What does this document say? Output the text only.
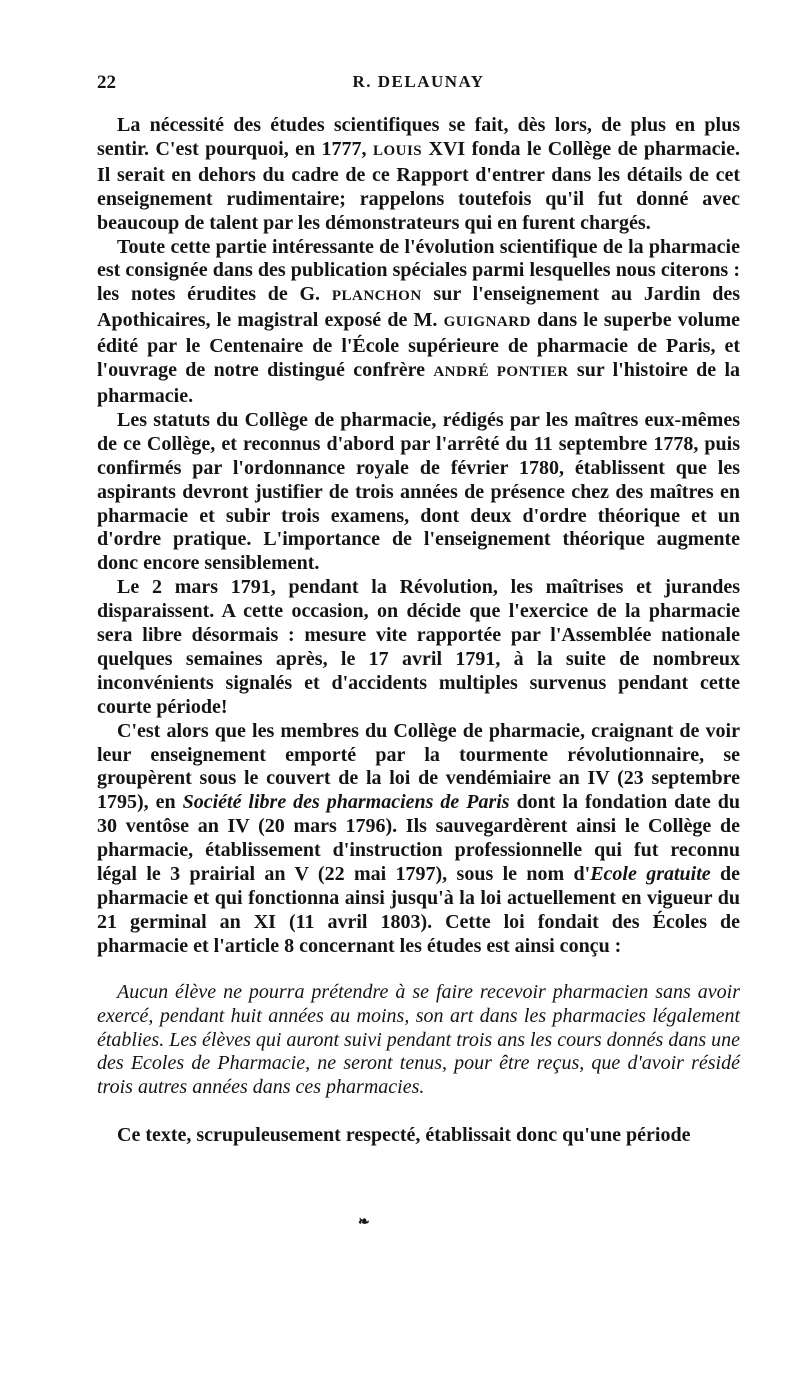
22	R. DELAUNAY

La nécessité des études scientifiques se fait, dès lors, de plus en plus sentir. C'est pourquoi, en 1777, LOUIS XVI fonda le Collège de pharmacie. Il serait en dehors du cadre de ce Rapport d'entrer dans les détails de cet enseignement rudimentaire; rappelons toutefois qu'il fut donné avec beaucoup de talent par les démonstrateurs qui en furent chargés.

Toute cette partie intéressante de l'évolution scientifique de la pharmacie est consignée dans des publication spéciales parmi lesquelles nous citerons : les notes érudites de G. PLANCHON sur l'enseignement au Jardin des Apothicaires, le magistral exposé de M. GUIGNARD dans le superbe volume édité par le Centenaire de l'École supérieure de pharmacie de Paris, et l'ouvrage de notre distingué confrère ANDRÉ PONTIER sur l'histoire de la pharmacie.

Les statuts du Collège de pharmacie, rédigés par les maîtres eux-mêmes de ce Collège, et reconnus d'abord par l'arrêté du 11 septembre 1778, puis confirmés par l'ordonnance royale de février 1780, établissent que les aspirants devront justifier de trois années de présence chez des maîtres en pharmacie et subir trois examens, dont deux d'ordre théorique et un d'ordre pratique. L'importance de l'enseignement théorique augmente donc encore sensiblement.

Le 2 mars 1791, pendant la Révolution, les maîtrises et jurandes disparaissent. A cette occasion, on décide que l'exercice de la pharmacie sera libre désormais : mesure vite rapportée par l'Assemblée nationale quelques semaines après, le 17 avril 1791, à la suite de nombreux inconvénients signalés et d'accidents multiples survenus pendant cette courte période!

C'est alors que les membres du Collège de pharmacie, craignant de voir leur enseignement emporté par la tourmente révolutionnaire, se groupèrent sous le couvert de la loi de vendémiaire an IV (23 septembre 1795), en Société libre des pharmaciens de Paris dont la fondation date du 30 ventôse an IV (20 mars 1796). Ils sauvegardèrent ainsi le Collège de pharmacie, établissement d'instruction professionnelle qui fut reconnu légal le 3 prairial an V (22 mai 1797), sous le nom d'Ecole gratuite de pharmacie et qui fonctionna ainsi jusqu'à la loi actuellement en vigueur du 21 germinal an XI (11 avril 1803). Cette loi fondait des Écoles de pharmacie et l'article 8 concernant les études est ainsi conçu :

Aucun élève ne pourra prétendre à se faire recevoir pharmacien sans avoir exercé, pendant huit années au moins, son art dans les pharmacies légalement établies. Les élèves qui auront suivi pendant trois ans les cours donnés dans une des Ecoles de Pharmacie, ne seront tenus, pour être reçus, que d'avoir résidé trois autres années dans ces pharmacies.

Ce texte, scrupuleusement respecté, établissait donc qu'une période

❧
